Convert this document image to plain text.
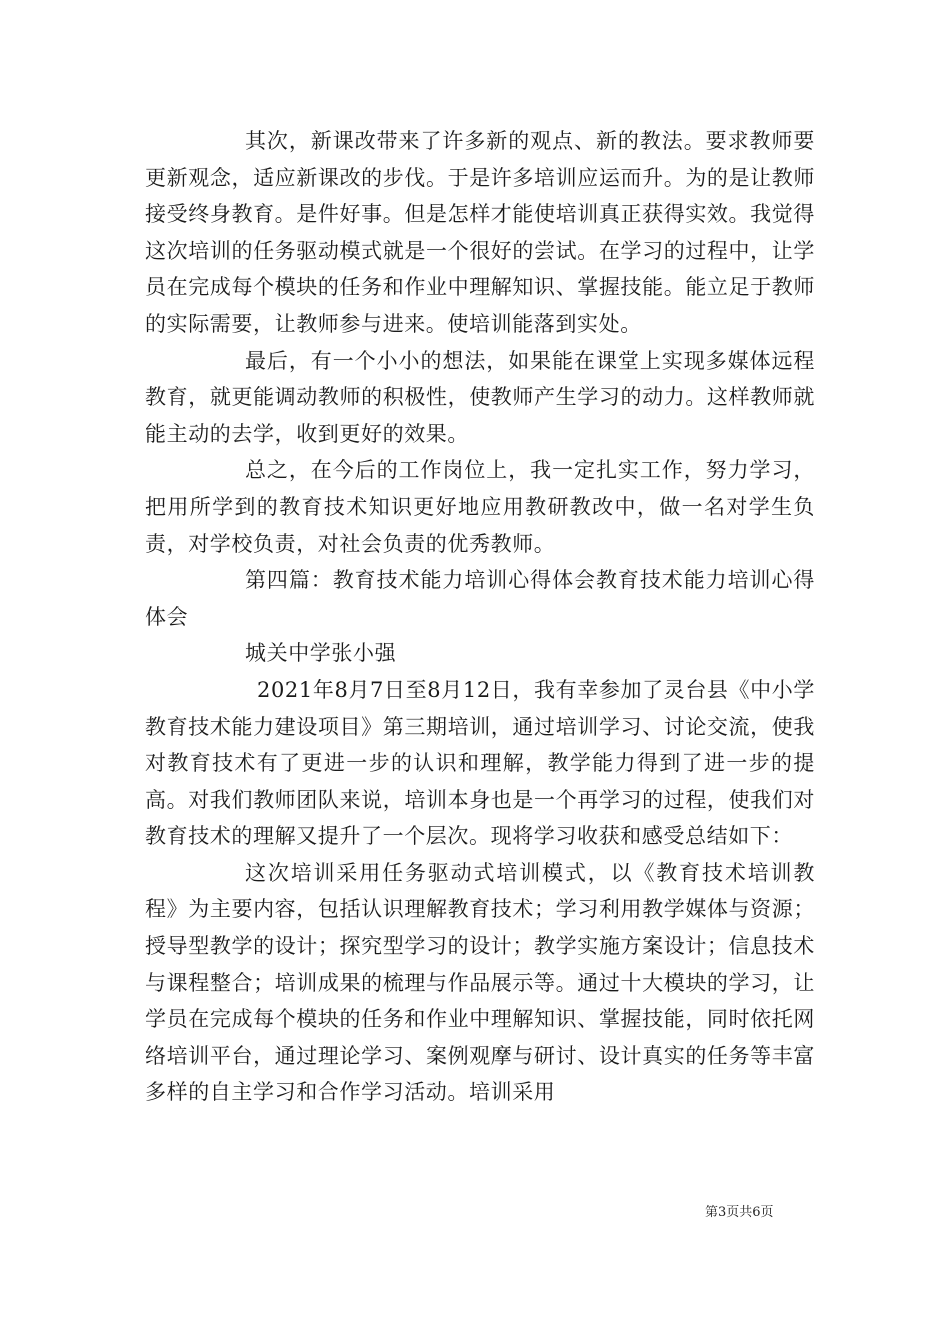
其次，新课改带来了许多新的观点、新的教法。要求教师要更新观念，适应新课改的步伐。于是许多培训应运而升。为的是让教师接受终身教育。是件好事。但是怎样才能使培训真正获得实效。我觉得这次培训的任务驱动模式就是一个很好的尝试。在学习的过程中，让学员在完成每个模块的任务和作业中理解知识、掌握技能。能立足于教师的实际需要，让教师参与进来。使培训能落到实处。

最后，有一个小小的想法，如果能在课堂上实现多媒体远程教育，就更能调动教师的积极性，使教师产生学习的动力。这样教师就能主动的去学，收到更好的效果。

总之，在今后的工作岗位上，我一定扎实工作，努力学习，把用所学到的教育技术知识更好地应用教研教改中，做一名对学生负责，对学校负责，对社会负责的优秀教师。

第四篇：教育技术能力培训心得体会教育技术能力培训心得体会

城关中学张小强

2021年8月7日至8月12日，我有幸参加了灵台县《中小学教育技术能力建设项目》第三期培训，通过培训学习、讨论交流，使我对教育技术有了更进一步的认识和理解，教学能力得到了进一步的提高。对我们教师团队来说，培训本身也是一个再学习的过程，使我们对教育技术的理解又提升了一个层次。现将学习收获和感受总结如下：

这次培训采用任务驱动式培训模式，以《教育技术培训教程》为主要内容，包括认识理解教育技术；学习利用教学媒体与资源；授导型教学的设计；探究型学习的设计；教学实施方案设计；信息技术与课程整合；培训成果的梳理与作品展示等。通过十大模块的学习，让学员在完成每个模块的任务和作业中理解知识、掌握技能，同时依托网络培训平台，通过理论学习、案例观摩与研讨、设计真实的任务等丰富多样的自主学习和合作学习活动。培训采用

第3页共6页
